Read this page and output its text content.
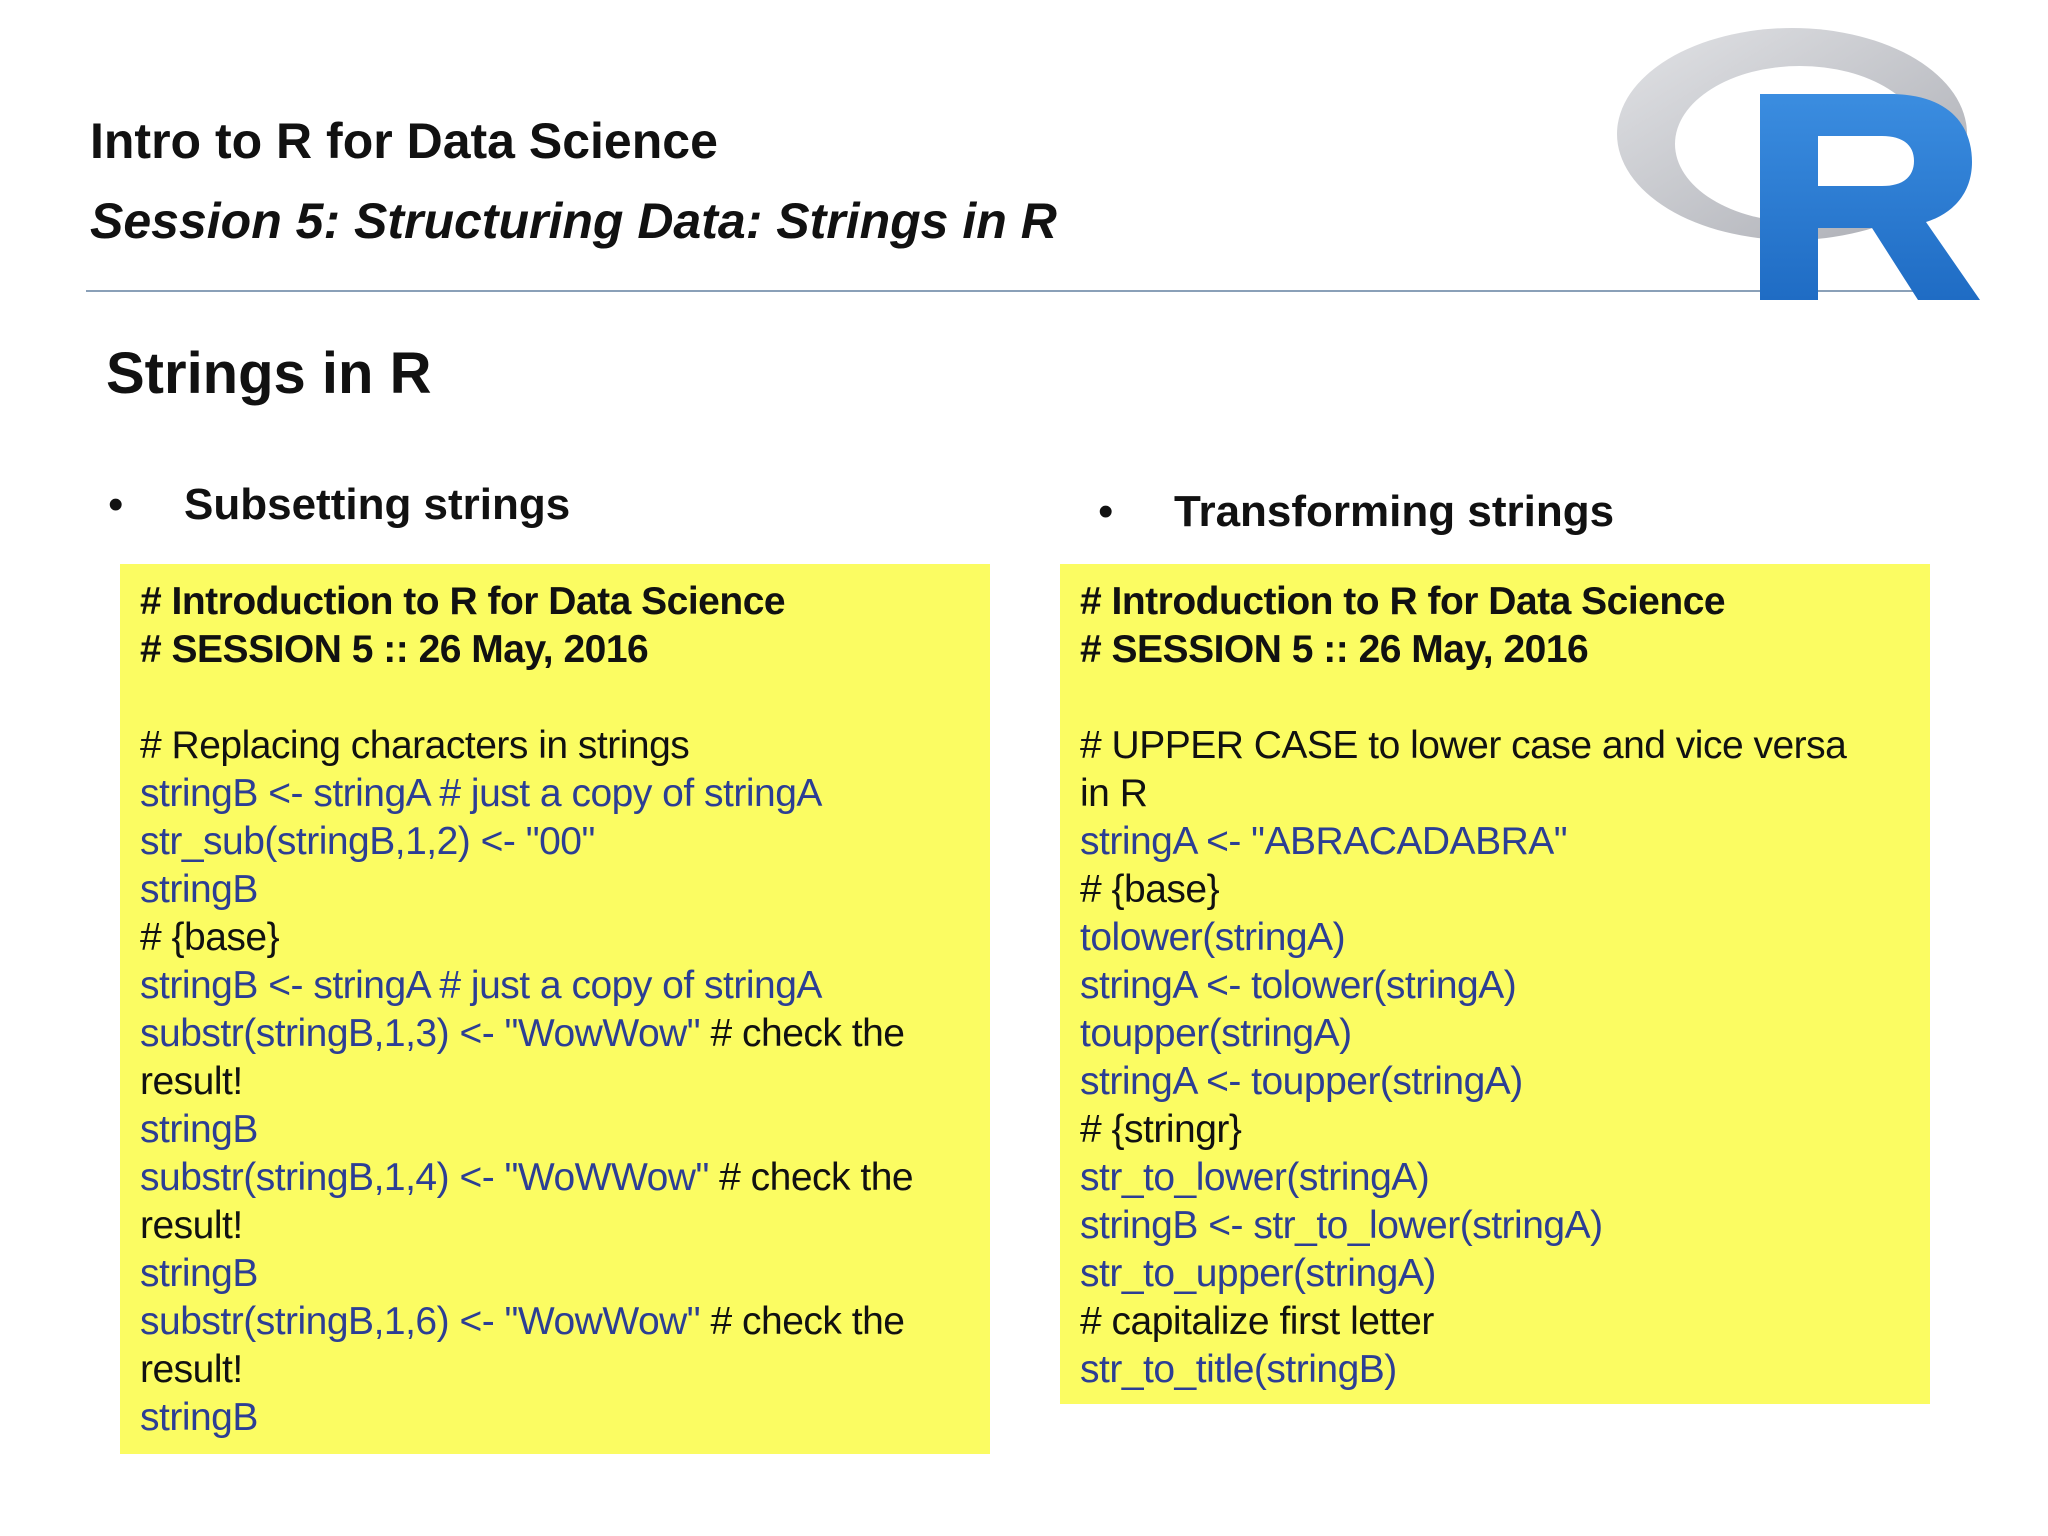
Intro to R for Data Science
Session 5: Structuring Data: Strings in R
Strings in R
• Subsetting strings	• Transforming strings
# Introduction to R for Data Science
# SESSION 5 :: 26 May, 2016
# Replacing characters in strings
stringB <- stringA # just a copy of stringA
str_sub(stringB,1,2) <- "00"
stringB
# {base}
stringB <- stringA # just a copy of stringA
substr(stringB,1,3) <- "WowWow" # check the
result!
stringB
substr(stringB,1,4) <- "WoWWow" # check the
result!
stringB
substr(stringB,1,6) <- "WowWow" # check the
result!
stringB
# Introduction to R for Data Science
# SESSION 5 :: 26 May, 2016
# UPPER CASE to lower case and vice versa
in R
stringA <- "ABRACADABRA"
# {base}
tolower(stringA)
stringA <- tolower(stringA)
toupper(stringA)
stringA <- toupper(stringA)
# {stringr}
str_to_lower(stringA)
stringB <- str_to_lower(stringA)
str_to_upper(stringA)
# capitalize first letter
str_to_title(stringB)
